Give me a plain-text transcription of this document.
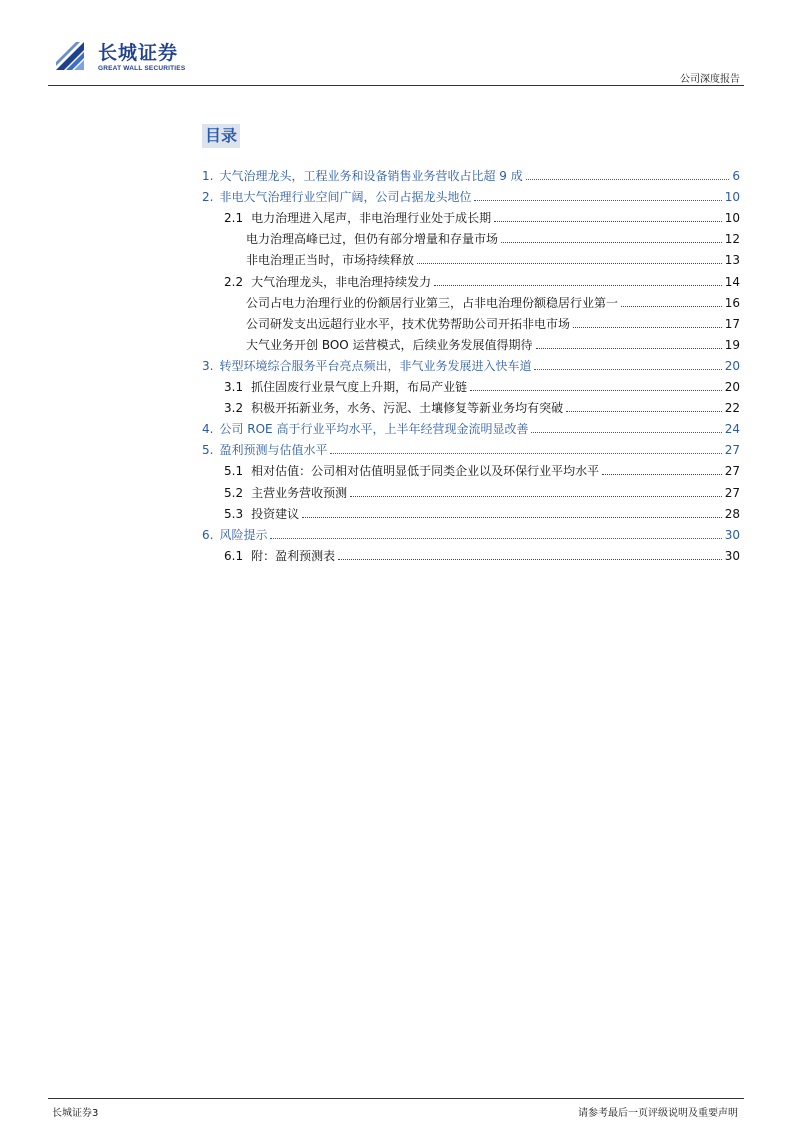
长城证券
GREAT WALL SECURITIES
公司深度报告
目录
1. 大气治理龙头，工程业务和设备销售业务营收占比超 9 成	6
2. 非电大气治理行业空间广阔，公司占据龙头地位	10
2.1 电力治理进入尾声，非电治理行业处于成长期	10
电力治理高峰已过，但仍有部分增量和存量市场	12
非电治理正当时，市场持续释放	13
2.2 大气治理龙头，非电治理持续发力	14
公司占电力治理行业的份额居行业第三，占非电治理份额稳居行业第一	16
公司研发支出远超行业水平，技术优势帮助公司开拓非电市场	17
大气业务开创 BOO 运营模式，后续业务发展值得期待	19
3. 转型环境综合服务平台亮点频出，非气业务发展进入快车道	20
3.1 抓住固废行业景气度上升期，布局产业链	20
3.2 积极开拓新业务，水务、污泥、土壤修复等新业务均有突破	22
4. 公司 ROE 高于行业平均水平，上半年经营现金流明显改善	24
5. 盈利预测与估值水平	27
5.1 相对估值：公司相对估值明显低于同类企业以及环保行业平均水平	27
5.2 主营业务营收预测	27
5.3 投资建议	28
6. 风险提示	30
6.1 附：盈利预测表	30
长城证券3	请参考最后一页评级说明及重要声明
